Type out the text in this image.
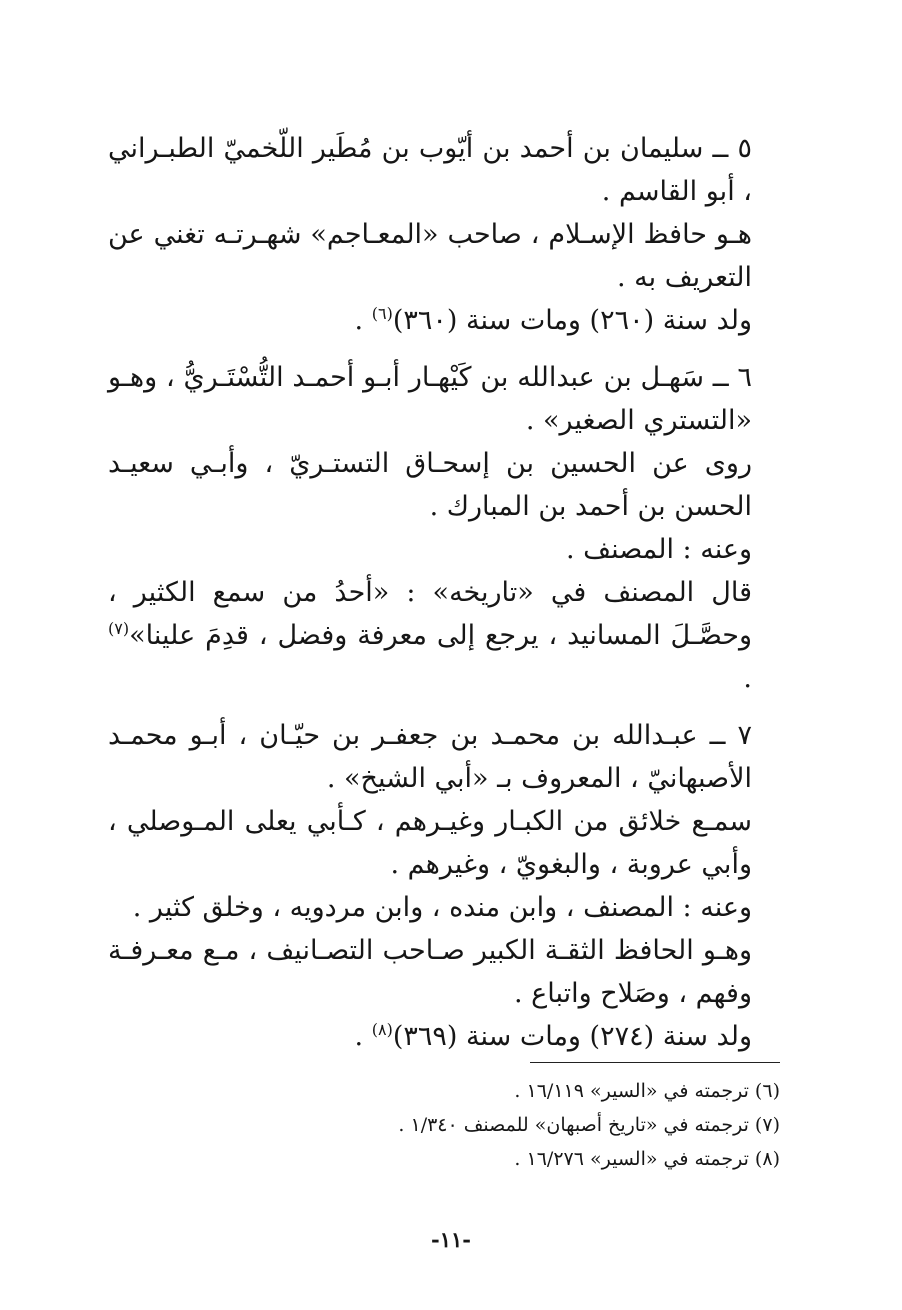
٥ ــ سليمان بن أحمد بن أيّوب بن مُطَير اللّخميّ الطبـراني ، أبو القاسم .

هـو حافظ الإسـلام ، صاحب «المعـاجم» شهـرتـه تغني عن التعريف به .

ولد سنة (٢٦٠) ومات سنة (٣٦٠)$^{(٦)}$ .

٦ ــ سَهـل بن عبدالله بن كَيْهـار أبـو أحمـد التُّسْتَـريُّ ، وهـو «التستري الصغير» .

روى عن الحسين بن إسحـاق التستـريّ ، وأبـي سعيـد الحسن بن أحمد بن المبارك .

وعنه : المصنف .

قال المصنف في «تاريخه» : «أحدُ من سمع الكثير ، وحصَّـلَ المسانيد ، يرجع إلى معرفة وفضل ، قدِمَ علينا»$^{(٧)}$ .

٧ ــ عبـدالله بن محمـد بن جعفـر بن حيّـان ، أبـو محمـد الأصبهانيّ ، المعروف بـ «أبي الشيخ» .

سمـع خلائق من الكبـار وغيـرهم ، كـأبي يعلى المـوصلي ، وأبي عروبة ، والبغويّ ، وغيرهم .

وعنه : المصنف ، وابن منده ، وابن مردويه ، وخلق كثير .

وهـو الحافظ الثقـة الكبير صـاحب التصـانيف ، مـع معـرفـة وفهم ، وصَلاح واتباع .

ولد سنة (٢٧٤) ومات سنة (٣٦٩)$^{(٨)}$ .

(٦) ترجمته في «السير» ١٦/١١٩ .
(٧) ترجمته في «تاريخ أصبهان» للمصنف ١/٣٤٠ .
(٨) ترجمته في «السير» ١٦/٢٧٦ .
-١١-
